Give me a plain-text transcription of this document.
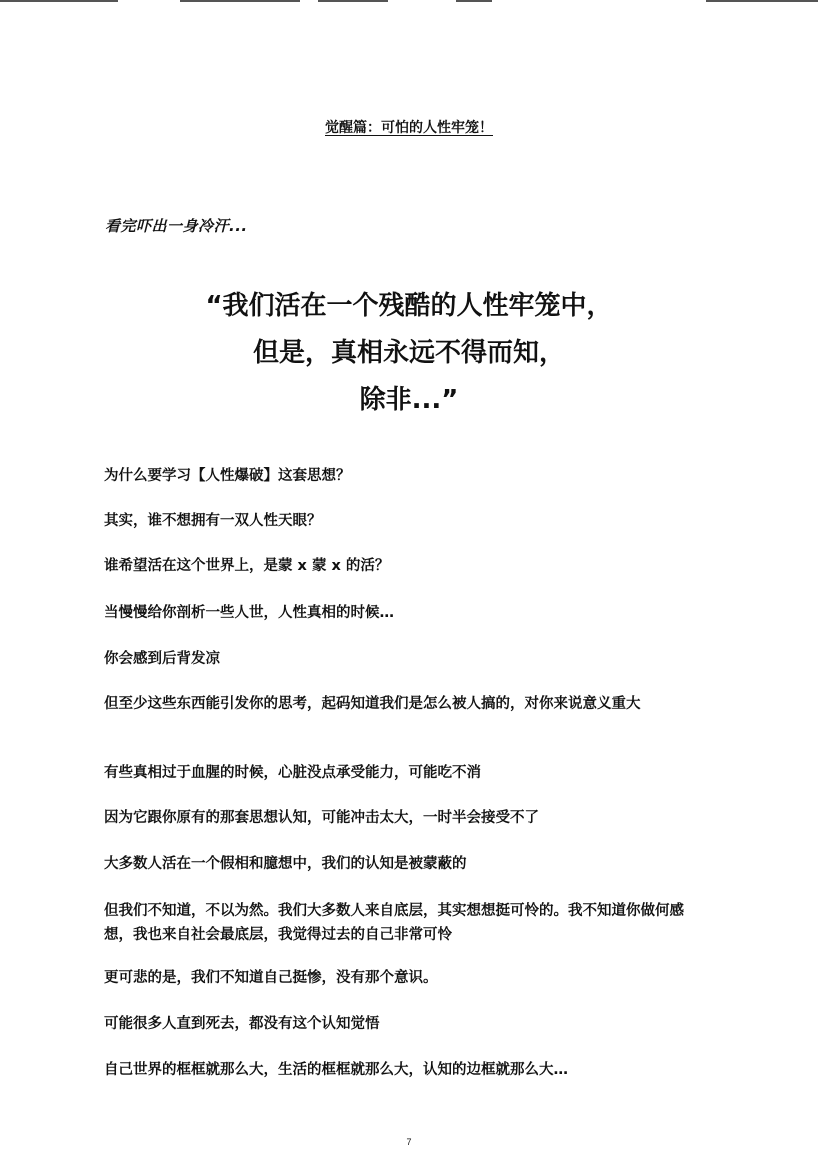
觉醒篇：可怕的人性牢笼！
看完吓出一身冷汗...
“我们活在一个残酷的人性牢笼中，
但是，真相永远不得而知，
除非...”
为什么要学习【人性爆破】这套思想？
其实，谁不想拥有一双人性天眼？
谁希望活在这个世界上，是蒙 x 蒙 x 的活？
当慢慢给你剖析一些人世，人性真相的时候…
你会感到后背发凉
但至少这些东西能引发你的思考，起码知道我们是怎么被人搞的，对你来说意义重大
有些真相过于血腥的时候，心脏没点承受能力，可能吃不消
因为它跟你原有的那套思想认知，可能冲击太大，一时半会接受不了
大多数人活在一个假相和臆想中，我们的认知是被蒙蔽的
但我们不知道，不以为然。我们大多数人来自底层，其实想想挺可怜的。我不知道你做何感想，我也来自社会最底层，我觉得过去的自己非常可怜
更可悲的是，我们不知道自己挺惨，没有那个意识。
可能很多人直到死去，都没有这个认知觉悟
自己世界的框框就那么大，生活的框框就那么大，认知的边框就那么大…
7
